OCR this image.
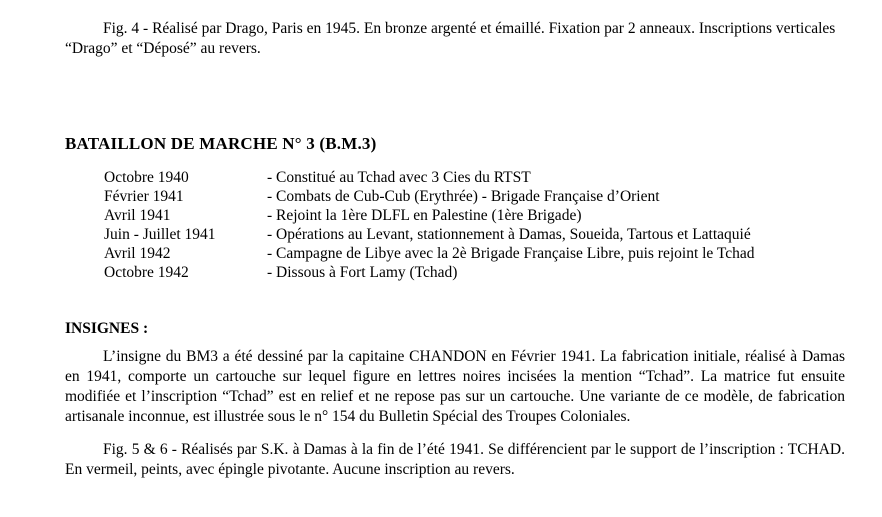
Fig. 4 - Réalisé par Drago, Paris en 1945. En bronze argenté et émaillé. Fixation par 2 anneaux. Inscriptions verticales “Drago” et “Déposé” au revers.

BATAILLON DE MARCHE N° 3 (B.M.3)
Octobre 1940	- Constitué au Tchad avec 3 Cies du RTST
Février 1941	- Combats de Cub-Cub (Erythrée) - Brigade Française d’Orient
Avril 1941	- Rejoint la 1ère DLFL en Palestine (1ère Brigade)
Juin - Juillet 1941	- Opérations au Levant, stationnement à Damas, Soueida, Tartous et Lattaquié
Avril 1942	- Campagne de Libye avec la 2è Brigade Française Libre, puis rejoint le Tchad
Octobre 1942	- Dissous à Fort Lamy (Tchad)
INSIGNES :

L’insigne du BM3 a été dessiné par la capitaine CHANDON en Février 1941. La fabrication initiale, réalisé à Damas en 1941, comporte un cartouche sur lequel figure en lettres noires incisées la mention “Tchad”. La matrice fut ensuite modifiée et l’inscription “Tchad” est en relief et ne repose pas sur un cartouche. Une variante de ce modèle, de fabrication artisanale inconnue, est illustrée sous le n° 154 du Bulletin Spécial des Troupes Coloniales.

Fig. 5 & 6 - Réalisés par S.K. à Damas à la fin de l’été 1941. Se différencient par le support de l’inscription : TCHAD. En vermeil, peints, avec épingle pivotante. Aucune inscription au revers.
